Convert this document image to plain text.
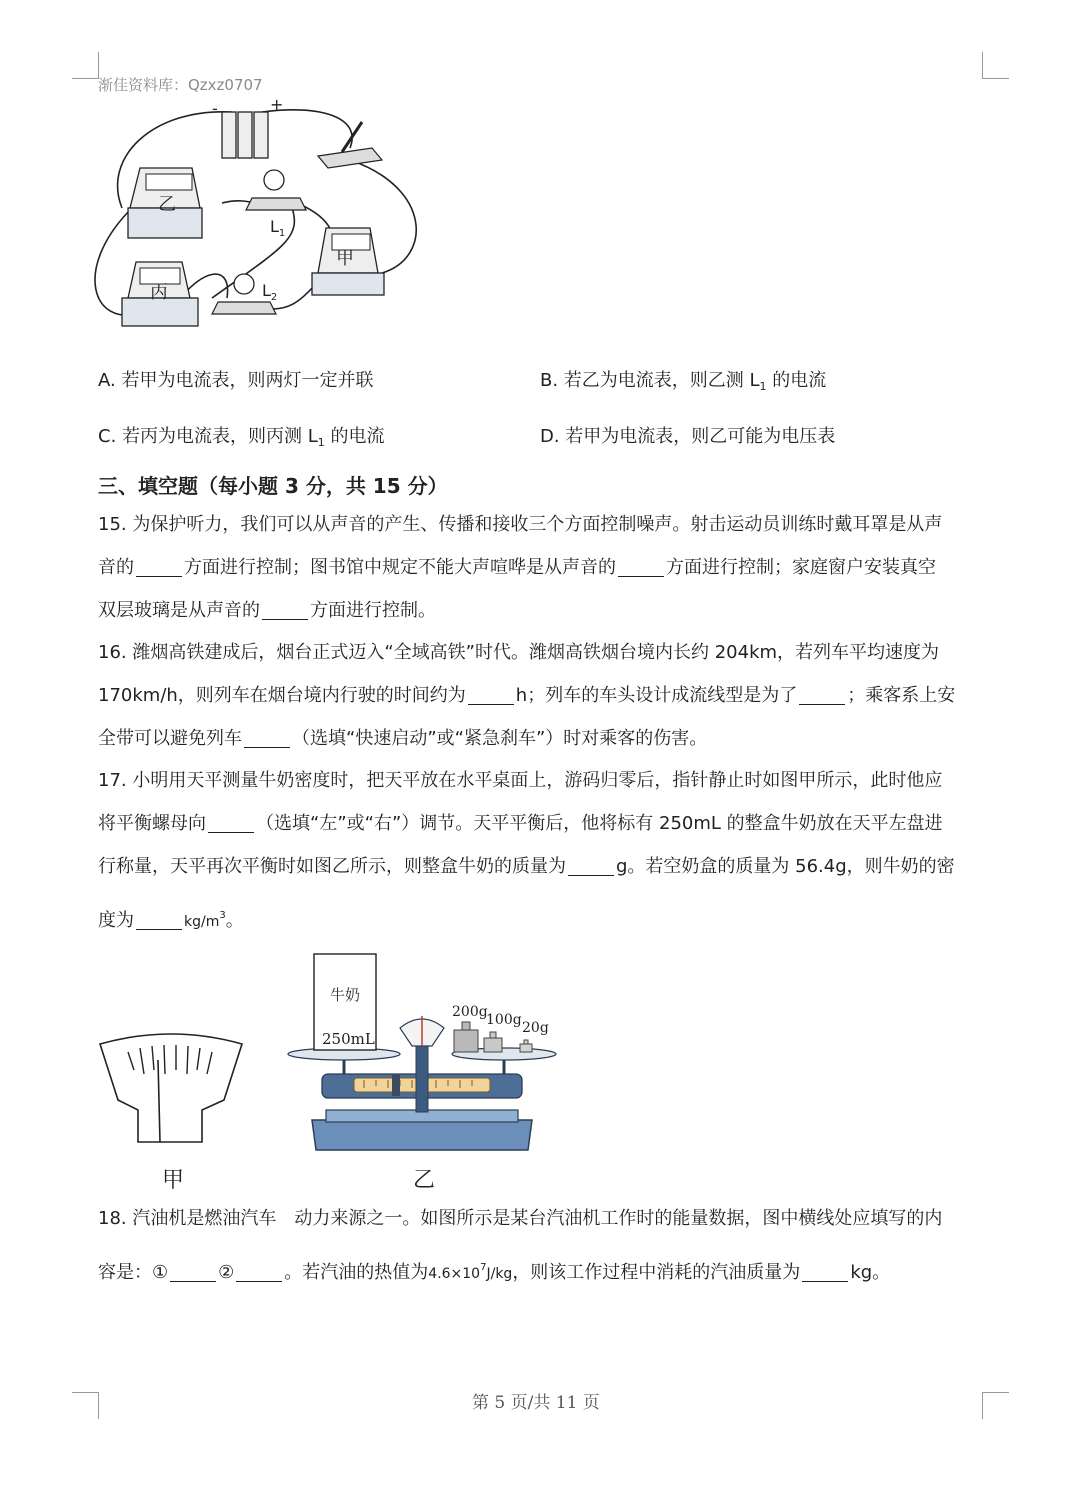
渐佳资料库：Qzxz0707
-	+
乙
$L_1$
甲
丙	$L_2$
A. 若甲为电流表，则两灯一定并联	B. 若乙为电流表，则乙测 $L_1$ 的电流
C. 若丙为电流表，则丙测 $L_1$ 的电流	D. 若甲为电流表，则乙可能为电压表
三、填空题（每小题 3 分，共 15 分）
15. 为保护听力，我们可以从声音的产生、传播和接收三个方面控制噪声。射击运动员训练时戴耳罩是从声
音的	方面进行控制；图书馆中规定不能大声喧哗是从声音的	方面进行控制；家庭窗户安装真空
双层玻璃是从声音的	方面进行控制。
16. 潍烟高铁建成后，烟台正式迈入“全域高铁”时代。潍烟高铁烟台境内长约 204km，若列车平均速度为
170km/h，则列车在烟台境内行驶的时间约为	h；列车的车头设计成流线型是为了	；乘客系上安
全带可以避免列车	（选填“快速启动”或“紧急刹车”）时对乘客的伤害。
17. 小明用天平测量牛奶密度时，把天平放在水平桌面上，游码归零后，指针静止时如图甲所示，此时他应
将平衡螺母向	（选填“左”或“右”）调节。天平平衡后，他将标有 250mL 的整盒牛奶放在天平左盘进
行称量，天平再次平衡时如图乙所示，则整盒牛奶的质量为	g。若空奶盒的质量为 56.4g，则牛奶的密
度为	$kg/m^3$。
牛奶
250mL
200g
100g 20g
甲	乙
18. 汽油机是燃油汽车　动力来源之一。如图所示是某台汽油机工作时的能量数据，图中横线处应填写的内
容是：①	②	。若汽油的热值为$4.6\times 10^7J/kg$，则该工作过程中消耗的汽油质量为	kg。
第 5 页/共 11 页
